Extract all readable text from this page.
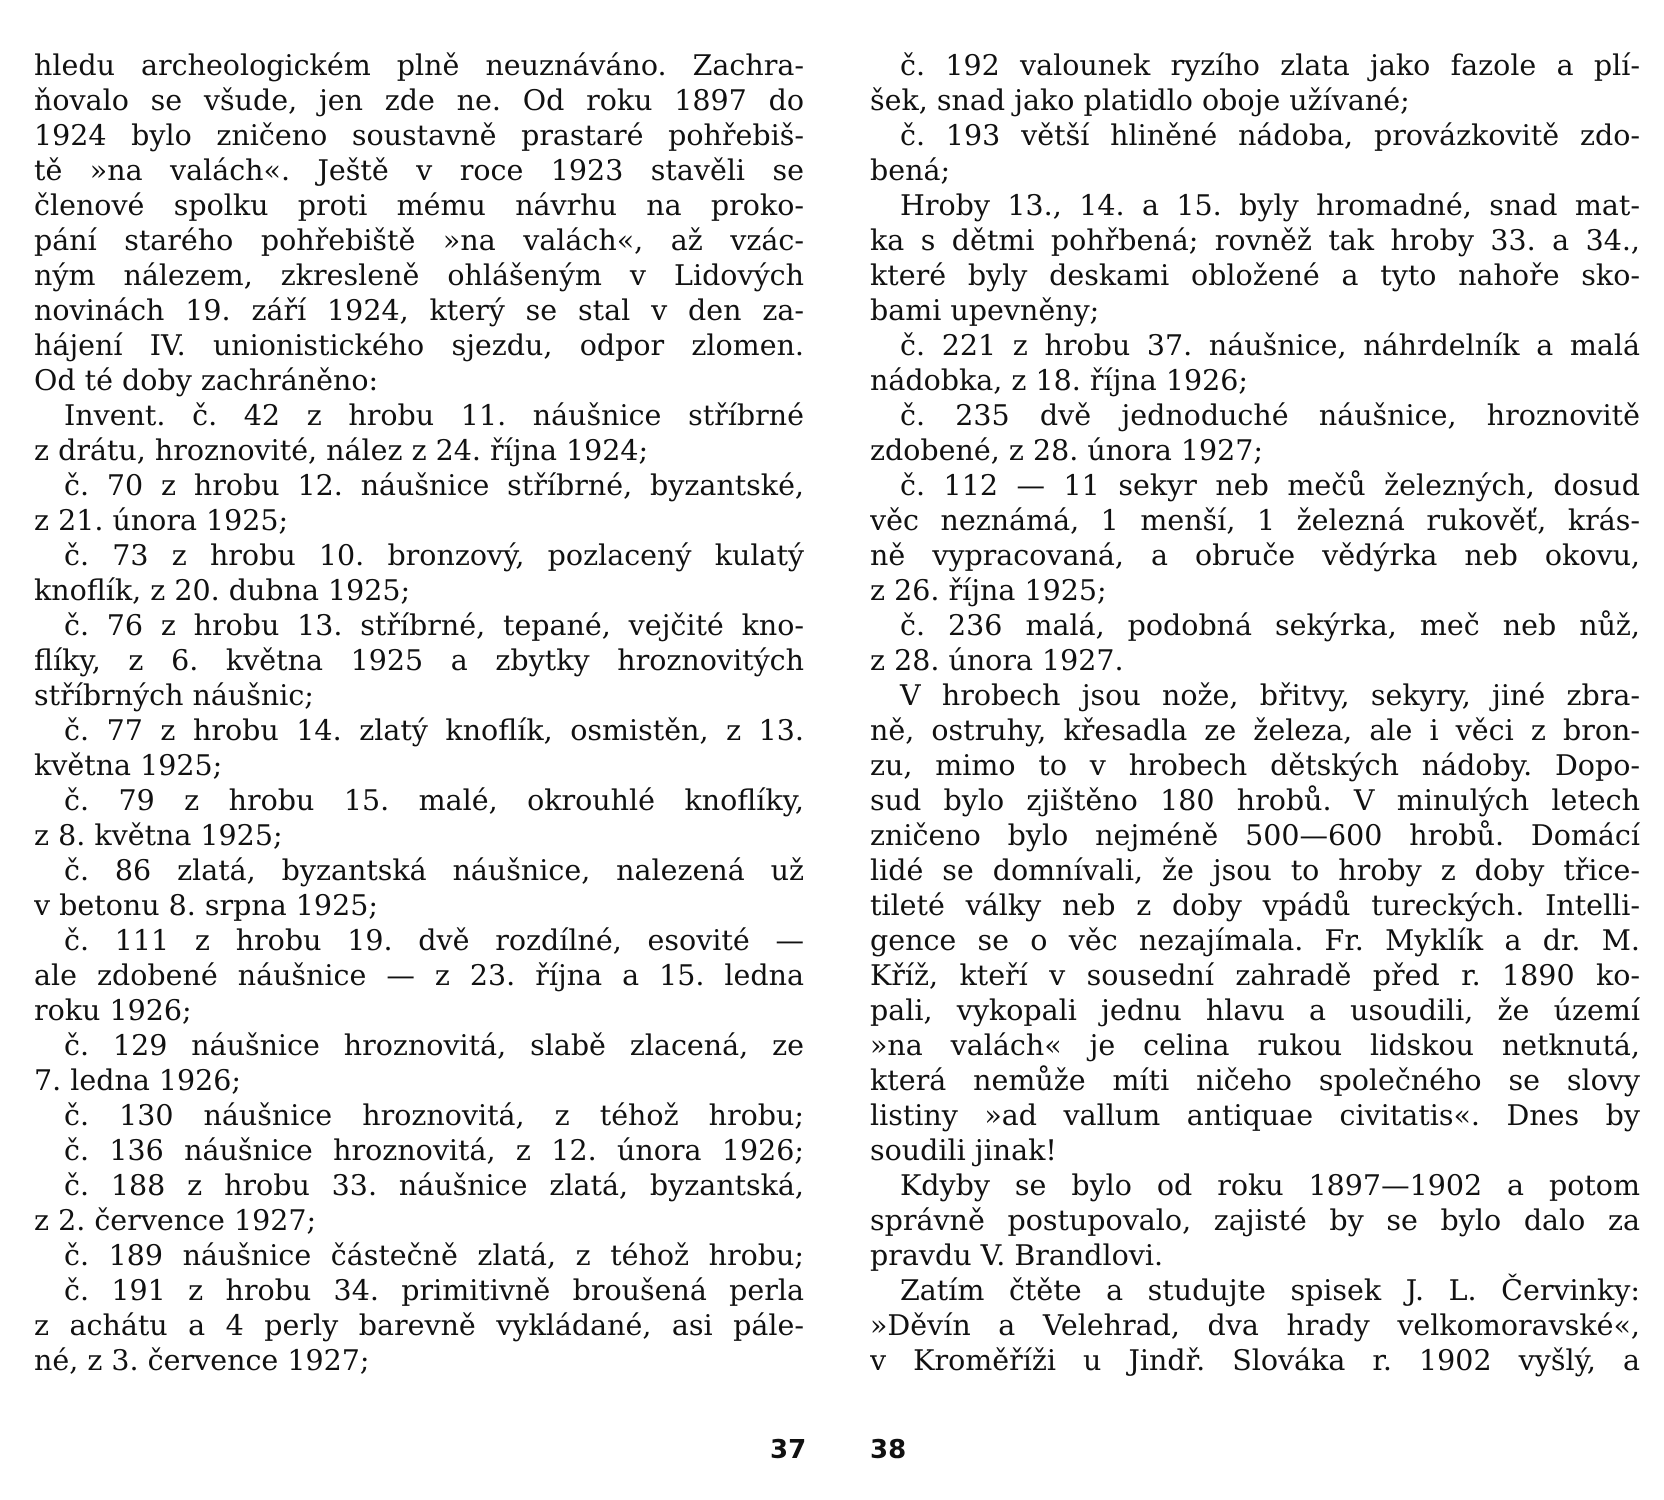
hledu archeologickém plně neuznáváno. Zachra-
ňovalo se všude, jen zde ne. Od roku 1897 do
1924 bylo zničeno soustavně prastaré pohřebiš-
tě »na valách«. Ještě v roce 1923 stavěli se
členové spolku proti mému návrhu na proko-
pání starého pohřebiště »na valách«, až vzác-
ným nálezem, zkresleně ohlášeným v Lidových
novinách 19. září 1924, který se stal v den za-
hájení IV. unionistického sjezdu, odpor zlomen.
Od té doby zachráněno:
Invent. č. 42 z hrobu 11. náušnice stříbrné
z drátu, hroznovité, nález z 24. října 1924;
č. 70 z hrobu 12. náušnice stříbrné, byzantské,
z 21. února 1925;
č. 73 z hrobu 10. bronzový, pozlacený kulatý
knoflík, z 20. dubna 1925;
č. 76 z hrobu 13. stříbrné, tepané, vejčité kno-
flíky, z 6. května 1925 a zbytky hroznovitých
stříbrných náušnic;
č. 77 z hrobu 14. zlatý knoflík, osmistěn, z 13.
května 1925;
č. 79 z hrobu 15. malé, okrouhlé knoflíky,
z 8. května 1925;
č. 86 zlatá, byzantská náušnice, nalezená už
v betonu 8. srpna 1925;
č. 111 z hrobu 19. dvě rozdílné, esovité —
ale zdobené náušnice — z 23. října a 15. ledna
roku 1926;
č. 129 náušnice hroznovitá, slabě zlacená, ze
7. ledna 1926;
č. 130 náušnice hroznovitá, z téhož hrobu;
č. 136 náušnice hroznovitá, z 12. února 1926;
č. 188 z hrobu 33. náušnice zlatá, byzantská,
z 2. července 1927;
č. 189 náušnice částečně zlatá, z téhož hrobu;
č. 191 z hrobu 34. primitivně broušená perla
z achátu a 4 perly barevně vykládané, asi pále-
né, z 3. července 1927;
č. 192 valounek ryzího zlata jako fazole a plí-
šek, snad jako platidlo oboje užívané;
č. 193 větší hliněné nádoba, provázkovitě zdo-
bená;
Hroby 13., 14. a 15. byly hromadné, snad mat-
ka s dětmi pohřbená; rovněž tak hroby 33. a 34.,
které byly deskami obložené a tyto nahoře sko-
bami upevněny;
č. 221 z hrobu 37. náušnice, náhrdelník a malá
nádobka, z 18. října 1926;
č. 235 dvě jednoduché náušnice, hroznovitě
zdobené, z 28. února 1927;
č. 112 — 11 sekyr neb mečů železných, dosud
věc neznámá, 1 menší, 1 železná rukověť, krás-
ně vypracovaná, a obruče vědýrka neb okovu,
z 26. října 1925;
č. 236 malá, podobná sekýrka, meč neb nůž,
z 28. února 1927.
V hrobech jsou nože, břitvy, sekyry, jiné zbra-
ně, ostruhy, křesadla ze železa, ale i věci z bron-
zu, mimo to v hrobech dětských nádoby. Dopo-
sud bylo zjištěno 180 hrobů. V minulých letech
zničeno bylo nejméně 500—600 hrobů. Domácí
lidé se domnívali, že jsou to hroby z doby třice-
tileté války neb z doby vpádů tureckých. Intelli-
gence se o věc nezajímala. Fr. Myklík a dr. M.
Kříž, kteří v sousední zahradě před r. 1890 ko-
pali, vykopali jednu hlavu a usoudili, že území
»na valách« je celina rukou lidskou netknutá,
která nemůže míti ničeho společného se slovy
listiny »ad vallum antiquae civitatis«. Dnes by
soudili jinak!
Kdyby se bylo od roku 1897—1902 a potom
správně postupovalo, zajisté by se bylo dalo za
pravdu V. Brandlovi.
Zatím čtěte a studujte spisek J. L. Červinky:
»Děvín a Velehrad, dva hrady velkomoravské«,
v Kroměříži u Jindř. Slováka r. 1902 vyšlý, a
37 38
